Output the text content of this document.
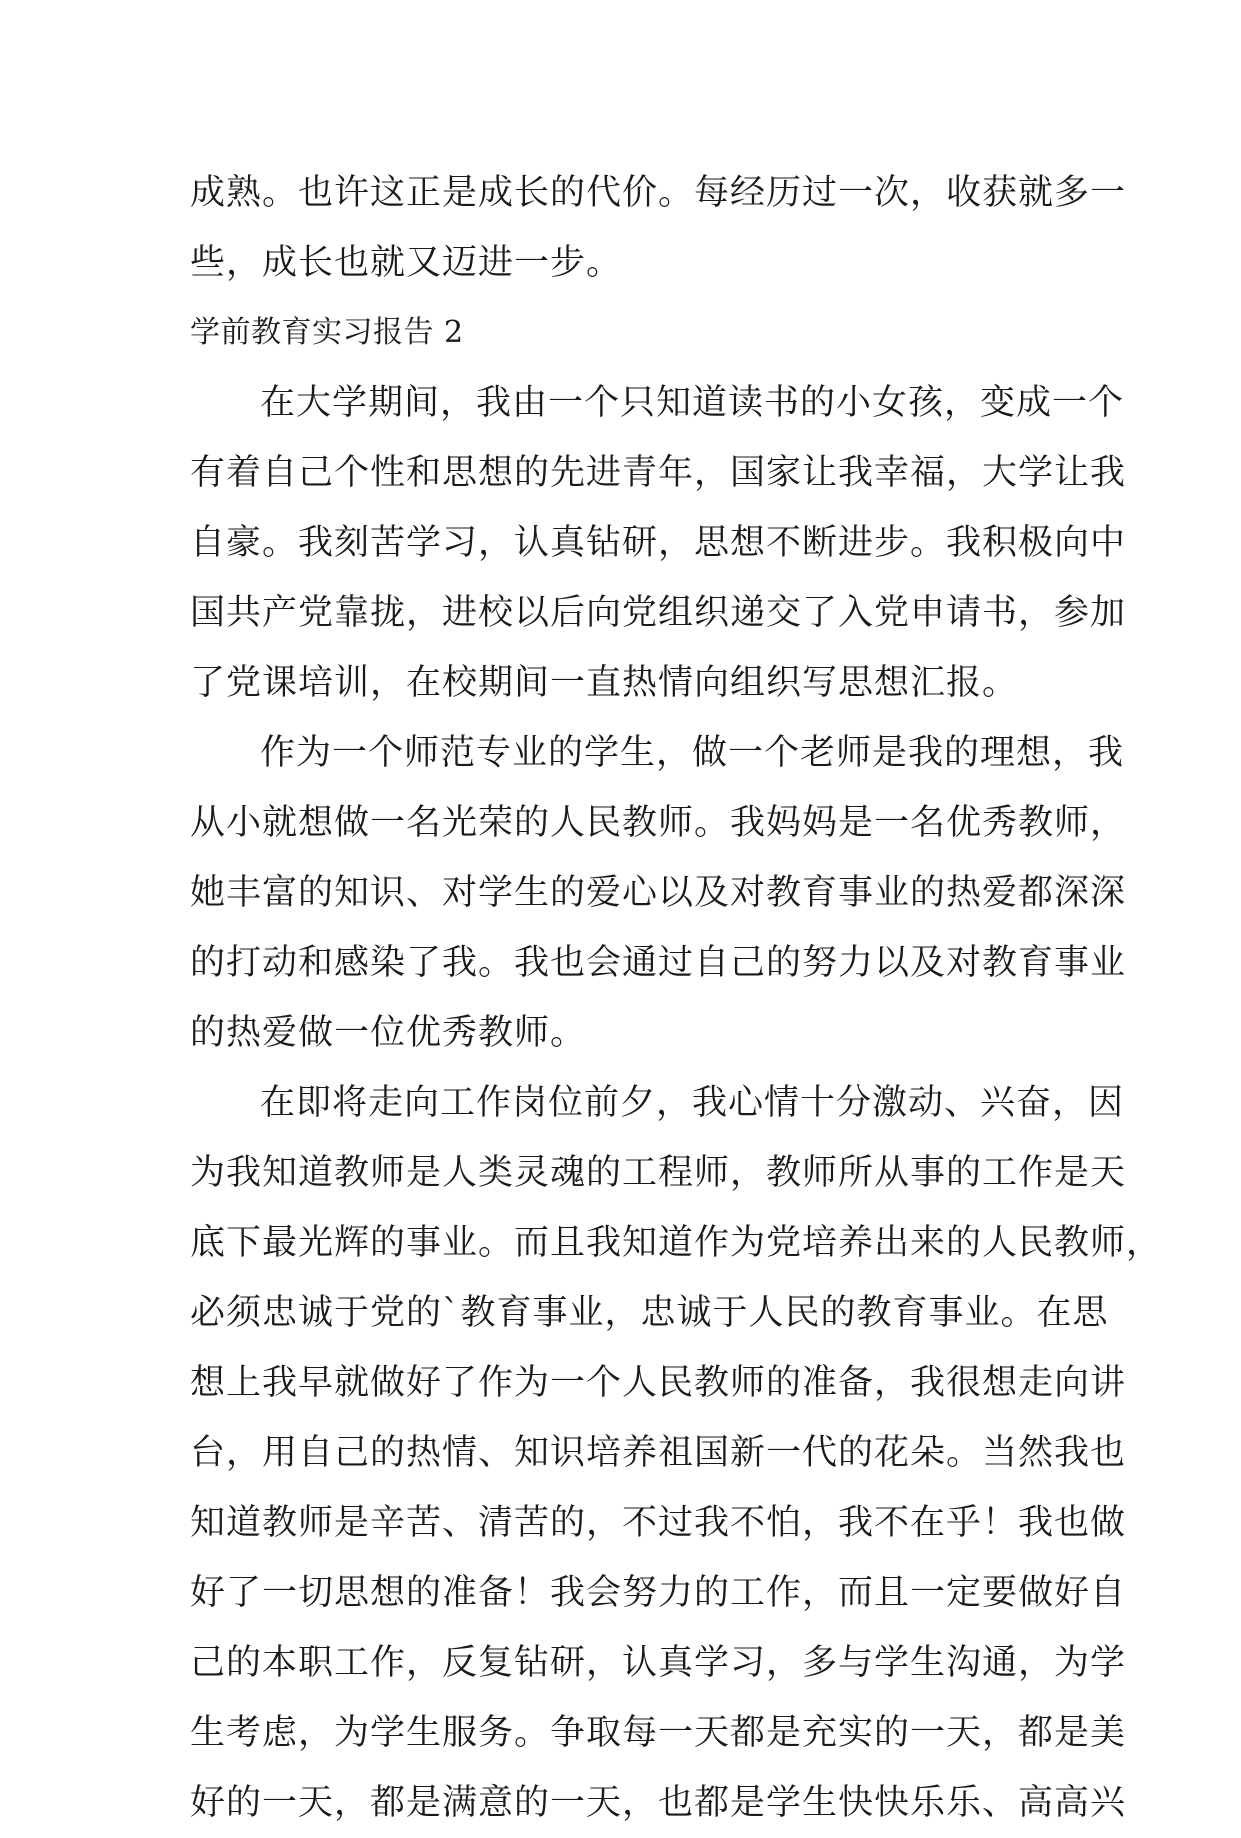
成熟。也许这正是成长的代价。每经历过一次，收获就多一
些，成长也就又迈进一步。
学前教育实习报告 2
在大学期间，我由一个只知道读书的小女孩，变成一个
有着自己个性和思想的先进青年，国家让我幸福，大学让我
自豪。我刻苦学习，认真钻研，思想不断进步。我积极向中
国共产党靠拢，进校以后向党组织递交了入党申请书，参加
了党课培训，在校期间一直热情向组织写思想汇报。
作为一个师范专业的学生，做一个老师是我的理想，我
从小就想做一名光荣的人民教师。我妈妈是一名优秀教师，
她丰富的知识、对学生的爱心以及对教育事业的热爱都深深
的打动和感染了我。我也会通过自己的努力以及对教育事业
的热爱做一位优秀教师。
在即将走向工作岗位前夕，我心情十分激动、兴奋，因
为我知道教师是人类灵魂的工程师，教师所从事的工作是天
底下最光辉的事业。而且我知道作为党培养出来的人民教师，
必须忠诚于党的`教育事业，忠诚于人民的教育事业。在思
想上我早就做好了作为一个人民教师的准备，我很想走向讲
台，用自己的热情、知识培养祖国新一代的花朵。当然我也
知道教师是辛苦、清苦的，不过我不怕，我不在乎！我也做
好了一切思想的准备！我会努力的工作，而且一定要做好自
己的本职工作，反复钻研，认真学习，多与学生沟通，为学
生考虑，为学生服务。争取每一天都是充实的一天，都是美
好的一天，都是满意的一天，也都是学生快快乐乐、高高兴
